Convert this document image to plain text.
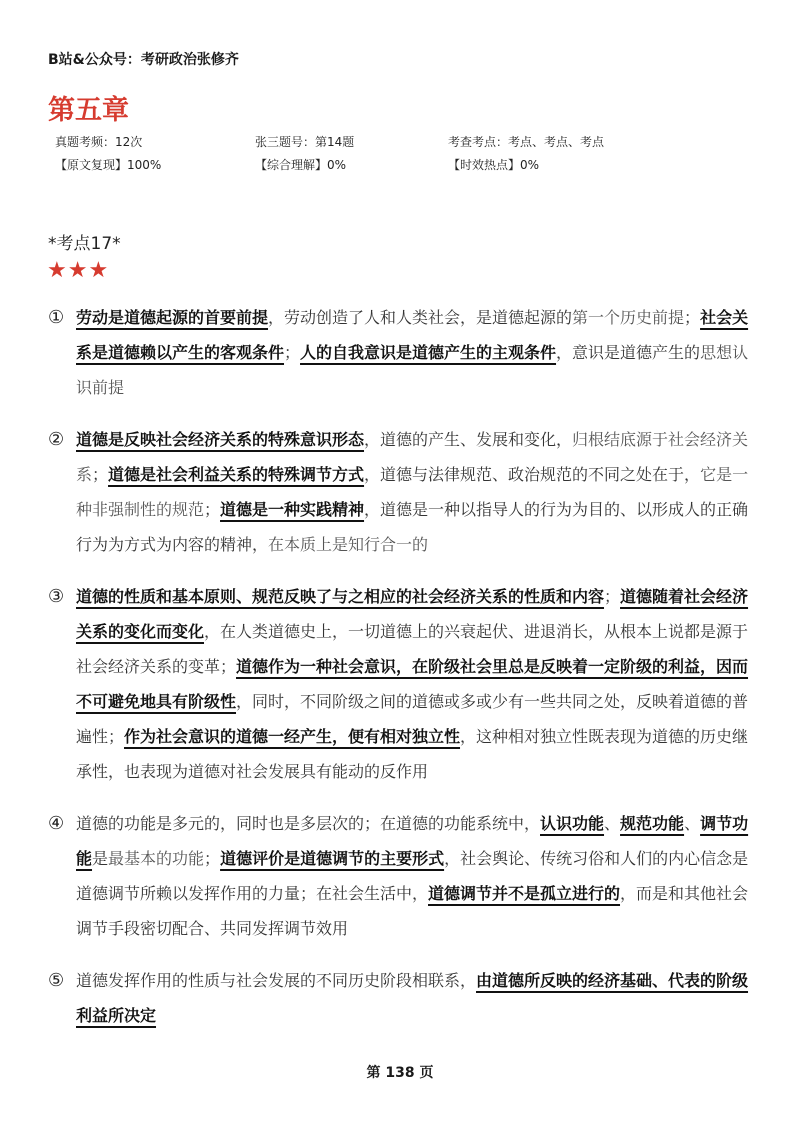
B站&公众号：考研政治张修齐
第五章
真题考频：12次	张三题号：第14题	考查考点：考点、考点、考点
【原文复现】100%	【综合理解】0%	【时效热点】0%
*考点17*
★★★
① 劳动是道德起源的首要前提，劳动创造了人和人类社会，是道德起源的第一个历史前提；社会关系是道德赖以产生的客观条件；人的自我意识是道德产生的主观条件，意识是道德产生的思想认识前提
② 道德是反映社会经济关系的特殊意识形态，道德的产生、发展和变化，归根结底源于社会经济关系；道德是社会利益关系的特殊调节方式，道德与法律规范、政治规范的不同之处在于，它是一种非强制性的规范；道德是一种实践精神，道德是一种以指导人的行为为目的、以形成人的正确行为为方式为内容的精神，在本质上是知行合一的
③ 道德的性质和基本原则、规范反映了与之相应的社会经济关系的性质和内容；道德随着社会经济关系的变化而变化，在人类道德史上，一切道德上的兴衰起伏、进退消长，从根本上说都是源于社会经济关系的变革；道德作为一种社会意识，在阶级社会里总是反映着一定阶级的利益，因而不可避免地具有阶级性，同时，不同阶级之间的道德或多或少有一些共同之处，反映着道德的普遍性；作为社会意识的道德一经产生，便有相对独立性，这种相对独立性既表现为道德的历史继承性，也表现为道德对社会发展具有能动的反作用
④ 道德的功能是多元的，同时也是多层次的；在道德的功能系统中，认识功能、规范功能、调节功能是最基本的功能；道德评价是道德调节的主要形式，社会舆论、传统习俗和人们的内心信念是道德调节所赖以发挥作用的力量；在社会生活中，道德调节并不是孤立进行的，而是和其他社会调节手段密切配合、共同发挥调节效用
⑤ 道德发挥作用的性质与社会发展的不同历史阶段相联系，由道德所反映的经济基础、代表的阶级利益所决定
第 138 页
